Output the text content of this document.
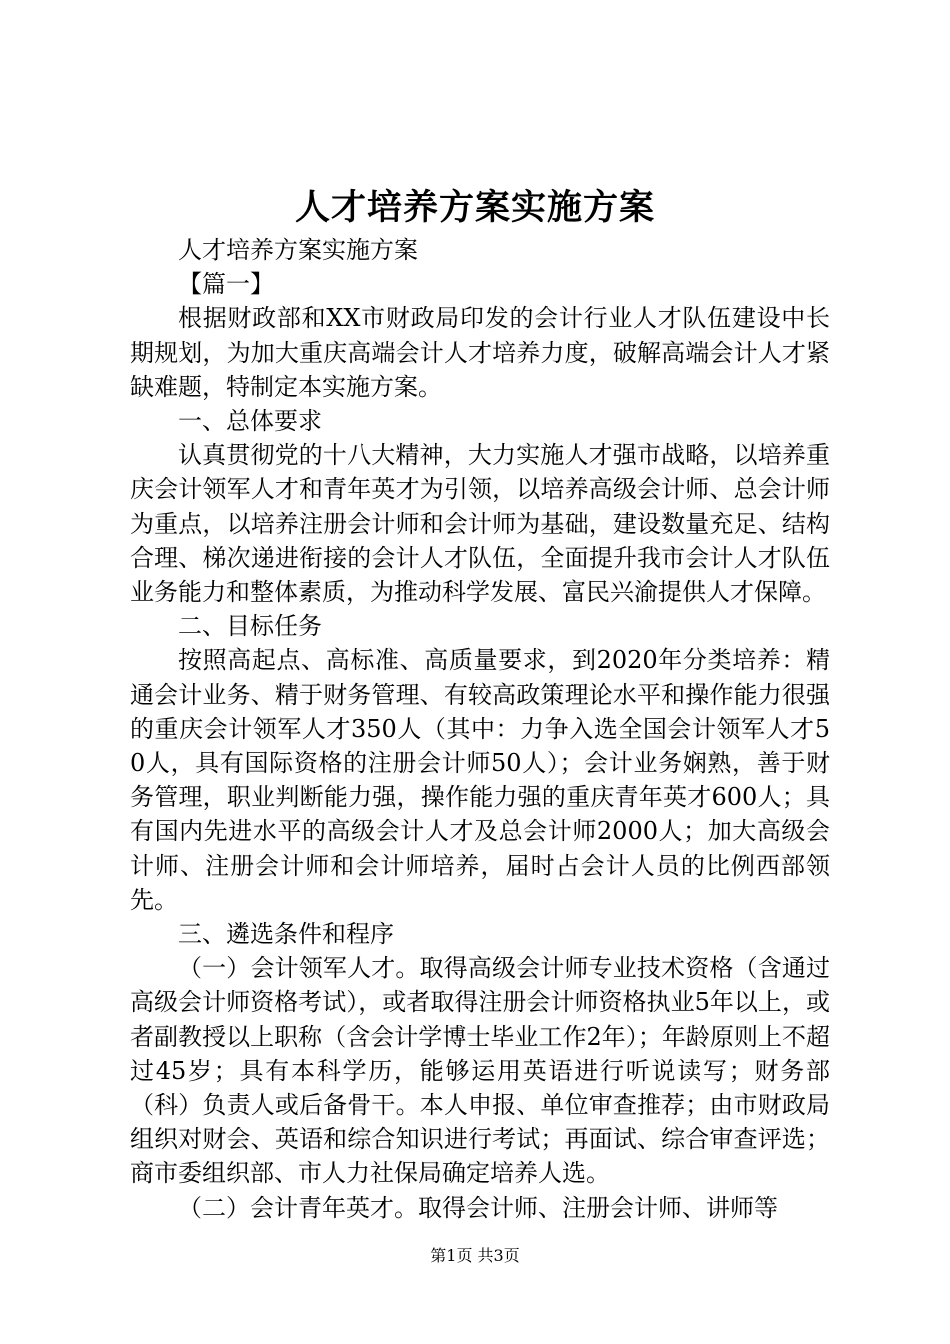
人才培养方案实施方案

人才培养方案实施方案

【篇一】

根据财政部和XX市财政局印发的会计行业人才队伍建设中长期规划，为加大重庆高端会计人才培养力度，破解高端会计人才紧缺难题，特制定本实施方案。

一、总体要求

认真贯彻党的十八大精神，大力实施人才强市战略，以培养重庆会计领军人才和青年英才为引领，以培养高级会计师、总会计师为重点，以培养注册会计师和会计师为基础，建设数量充足、结构合理、梯次递进衔接的会计人才队伍，全面提升我市会计人才队伍业务能力和整体素质，为推动科学发展、富民兴渝提供人才保障。

二、目标任务

按照高起点、高标准、高质量要求，到2020年分类培养：精通会计业务、精于财务管理、有较高政策理论水平和操作能力很强的重庆会计领军人才350人（其中：力争入选全国会计领军人才50人，具有国际资格的注册会计师50人）；会计业务娴熟，善于财务管理，职业判断能力强，操作能力强的重庆青年英才600人；具有国内先进水平的高级会计人才及总会计师2000人；加大高级会计师、注册会计师和会计师培养，届时占会计人员的比例西部领先。

三、遴选条件和程序

（一）会计领军人才。取得高级会计师专业技术资格（含通过高级会计师资格考试），或者取得注册会计师资格执业5年以上，或者副教授以上职称（含会计学博士毕业工作2年）；年龄原则上不超过45岁；具有本科学历，能够运用英语进行听说读写；财务部（科）负责人或后备骨干。本人申报、单位审查推荐；由市财政局组织对财会、英语和综合知识进行考试；再面试、综合审查评选；商市委组织部、市人力社保局确定培养人选。

（二）会计青年英才。取得会计师、注册会计师、讲师等

第1页 共3页
